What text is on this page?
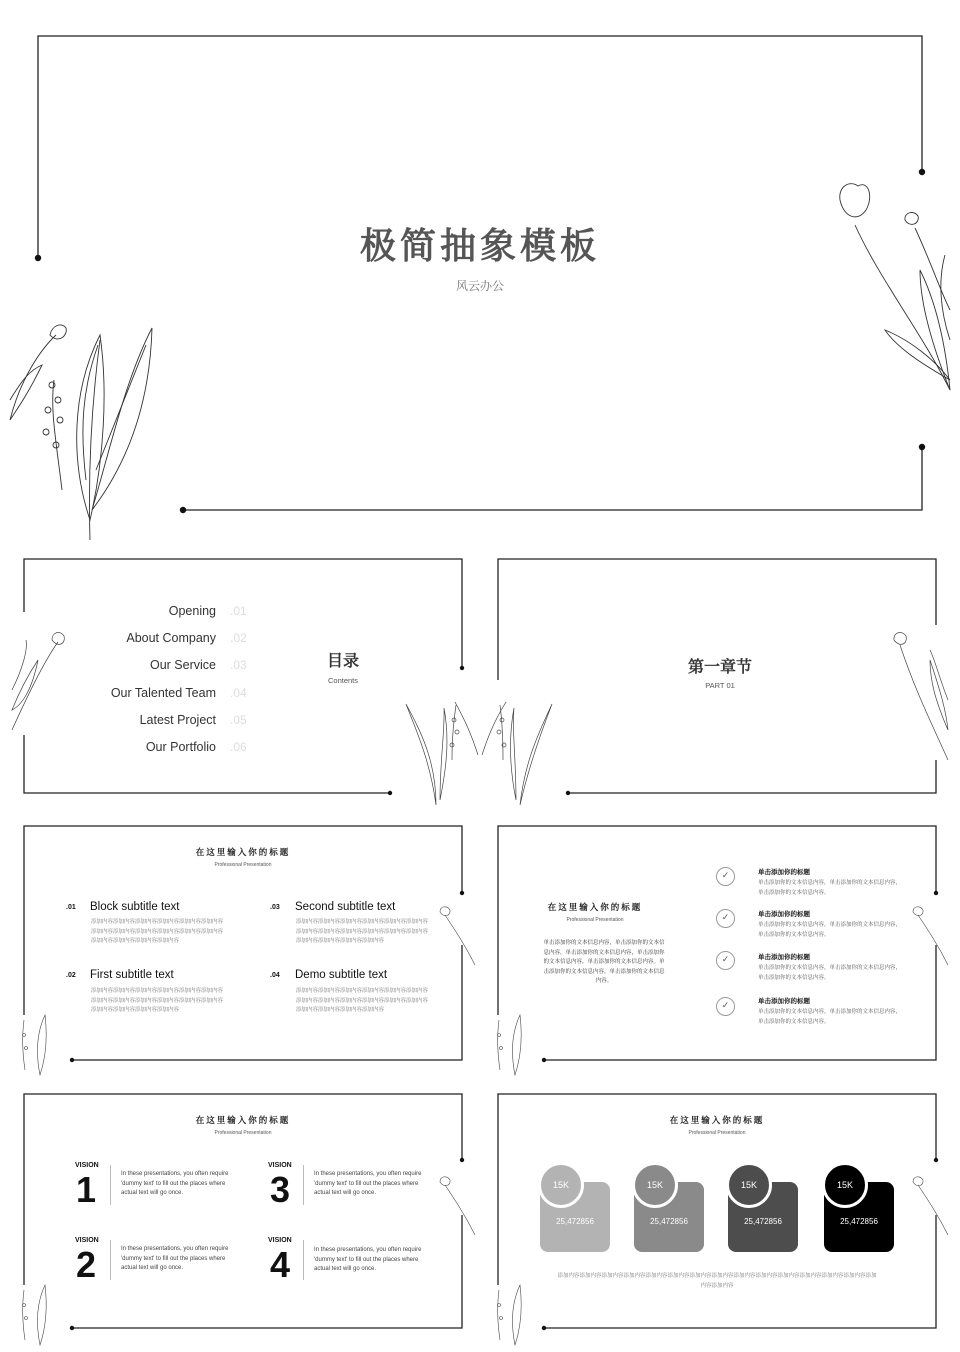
极简抽象模板
风云办公
Opening .01
About Company .02
Our Service .03
Our Talented Team .04
Latest Project .05
Our Portfolio .06
目录
Contents
第一章节
PART 01
在这里输入你的标题
Professional Presentation
.01 Block subtitle text
添加内容添加内容添加内容添加内容添加内容添加内容添加内容添加内容添加内容添加内容添加内容添加内容添加内容添加内容添加内容添加内容
.03 Second subtitle text
添加内容添加内容添加内容添加内容添加内容添加内容添加内容添加内容添加内容添加内容添加内容添加内容添加内容添加内容添加内容添加内容
.02 First subtitle text
添加内容添加内容添加内容添加内容添加内容添加内容添加内容添加内容添加内容添加内容添加内容添加内容添加内容添加内容添加内容添加内容
.04 Demo subtitle text
添加内容添加内容添加内容添加内容添加内容添加内容添加内容添加内容添加内容添加内容添加内容添加内容添加内容添加内容添加内容添加内容
在这里输入你的标题
Professional Presentation
单击添加你的文本信息内容，单击添加你的文本信息内容，单击添加你的文本信息内容，单击添加你的文本信息内容，单击添加你的文本信息内容。单击添加你的文本信息内容，单击添加你的文本信息内容。
✓	单击添加你的标题
单击添加你的文本信息内容，单击添加你的文本信息内容，单击添加你的文本信息内容。
✓	单击添加你的标题
单击添加你的文本信息内容，单击添加你的文本信息内容，单击添加你的文本信息内容。
✓	单击添加你的标题
单击添加你的文本信息内容，单击添加你的文本信息内容，单击添加你的文本信息内容。
✓	单击添加你的标题
单击添加你的文本信息内容，单击添加你的文本信息内容，单击添加你的文本信息内容。
在这里输入你的标题
Professional Presentation
VISION
1	In these presentations, you often require 'dummy text' to fill out the places where actual text will go once.
VISION
3	In these presentations, you often require 'dummy text' to fill out the places where actual text will go once.
VISION
2	In these presentations, you often require 'dummy text' to fill out the places where actual text will go once.
VISION
4	In these presentations, you often require 'dummy text' to fill out the places where actual text will go once.
在这里输入你的标题
Professional Presentation
15K
25,472856
15K
25,472856
15K
25,472856
15K
25,472856
添加内容添加内容添加内容添加内容添加内容添加内容添加内容添加内容添加内容添加内容添加内容添加内容添加内容添加内容添加内容添加内容
